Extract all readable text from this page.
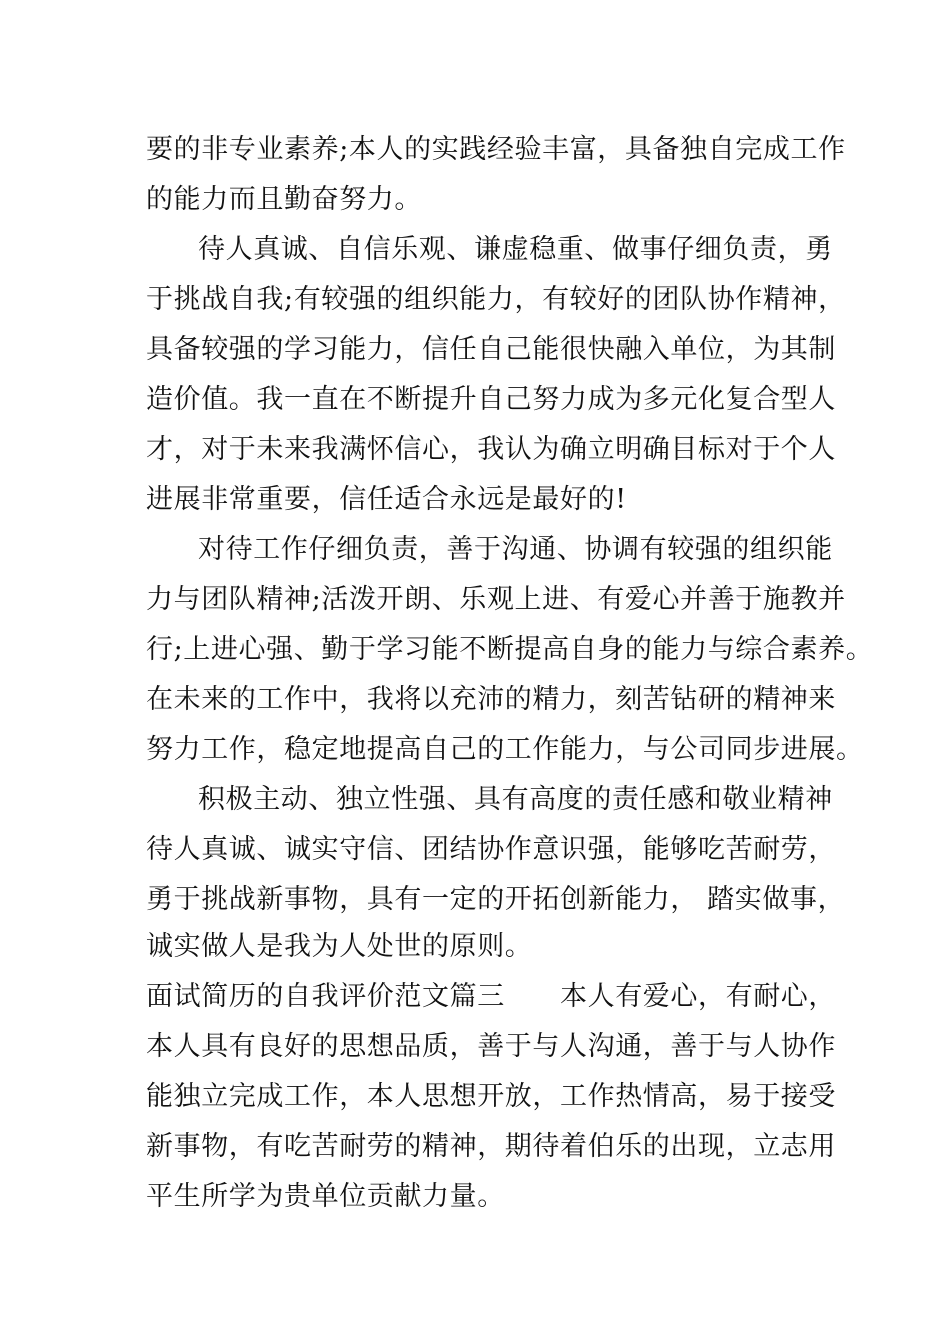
要的非专业素养;本人的实践经验丰富，具备独自完成工作
的能力而且勤奋努力。
待人真诚、自信乐观、谦虚稳重、做事仔细负责，勇
于挑战自我;有较强的组织能力，有较好的团队协作精神，
具备较强的学习能力，信任自己能很快融入单位，为其制
造价值。我一直在不断提升自己努力成为多元化复合型人
才，对于未来我满怀信心，我认为确立明确目标对于个人
进展非常重要，信任适合永远是最好的!
对待工作仔细负责，善于沟通、协调有较强的组织能
力与团队精神;活泼开朗、乐观上进、有爱心并善于施教并
行;上进心强、勤于学习能不断提高自身的能力与综合素养。
在未来的工作中，我将以充沛的精力，刻苦钻研的精神来
努力工作，稳定地提高自己的工作能力，与公司同步进展。
积极主动、独立性强、具有高度的责任感和敬业精神
待人真诚、诚实守信、团结协作意识强，能够吃苦耐劳，
勇于挑战新事物，具有一定的开拓创新能力， 踏实做事，
诚实做人是我为人处世的原则。
面试简历的自我评价范文篇三　　本人有爱心，有耐心，
本人具有良好的思想品质，善于与人沟通，善于与人协作
能独立完成工作，本人思想开放，工作热情高，易于接受
新事物，有吃苦耐劳的精神，期待着伯乐的出现，立志用
平生所学为贵单位贡献力量。
